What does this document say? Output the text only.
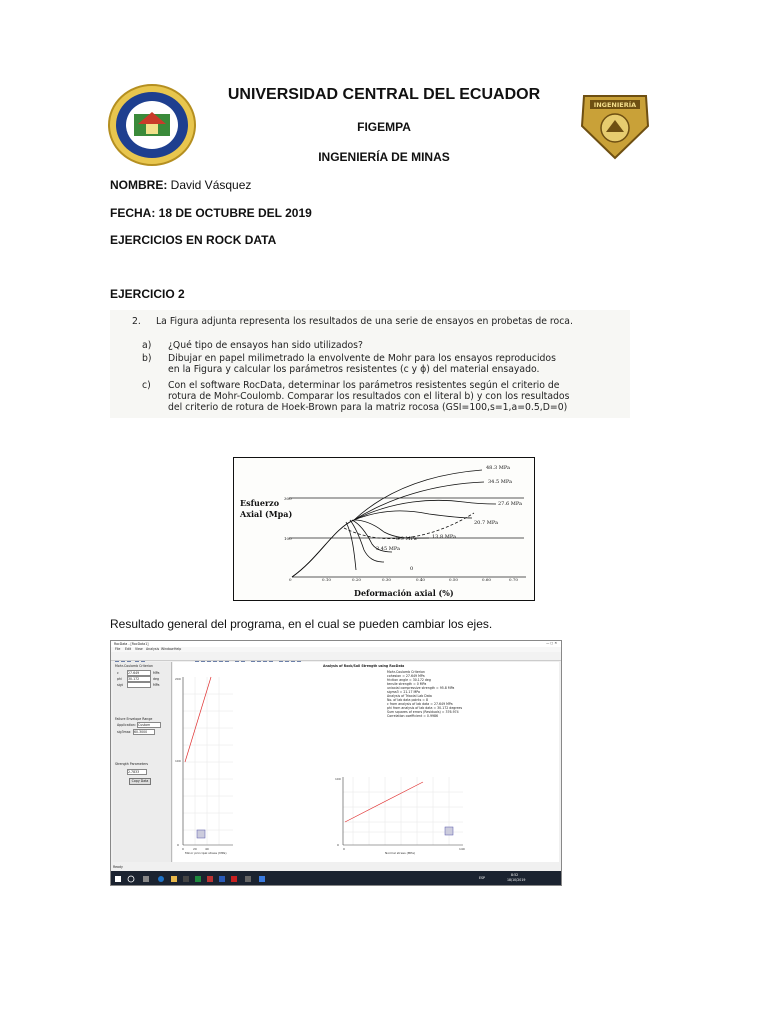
INGENIERÍA
UNIVERSIDAD CENTRAL DEL ECUADOR
FIGEMPA
INGENIERÍA DE MINAS
NOMBRE: David Vásquez
FECHA: 18 DE OCTUBRE DEL 2019
EJERCICIOS EN ROCK DATA
EJERCICIO 2
2. La Figura adjunta representa los resultados de una serie de ensayos en probetas de roca.
a) ¿Qué tipo de ensayos han sido utilizados?
b) Dibujar en papel milimetrado la envolvente de Mohr para los ensayos reproducidos
en la Figura y calcular los parámetros resistentes (c y ϕ) del material ensayado.
c) Con el software RocData, determinar los parámetros resistentes según el criterio de
rotura de Mohr-Coulomb. Comparar los resultados con el literal b) y con los resultados
del criterio de rotura de Hoek-Brown para la matriz rocosa (GSI=100,s=1,a=0.5,D=0)
Esfuerzo
Axial (Mpa)
Deformación axial (%)
300
100
0	0.10	0.20	0.30	0.40	0.50	0.60	0.70
48.3 MPa
34.5 MPa
27.6 MPa
20.7 MPa
13.8 MPa
6.9 MPa
3.45 MPa
0
Resultado general del programa, en el cual se pueden cambiar los ejes.
RocData - [RocData1]	— ▢ ✕
File Edit View Analysis Window Help
Mohr-Coulomb Criterion
c	27.649	MPa
phi	30.172	deg
sigt	MPa
Failure Envelope Range
Application: Custom
sig3max	60.3000
Strength Parameters
2.7833
Copy Data
Analysis of Rock/Soil Strength using RocData
Mohr-Coulomb Criterion
cohesion = 27.649 MPa
friction angle = 30.172 deg
tensile strength = 0 MPa
uniaxial compressive strength = 95.8 MPa
sigma3 = 21.17 MPa
Analysis of Triaxial Lab Data
No. of lab data points = 8
c from analysis of lab data = 27.649 MPa
phi from analysis of lab data = 30.172 degrees
Sum squares of errors (Residuals) = 376.974
Correlation coefficient = 0.9986
200
100
0
0	20	40
Minor principal stress (MPa)
0	140
Normal stress (MPa)
100
0
Ready
ESP
8:52
18/10/2019
